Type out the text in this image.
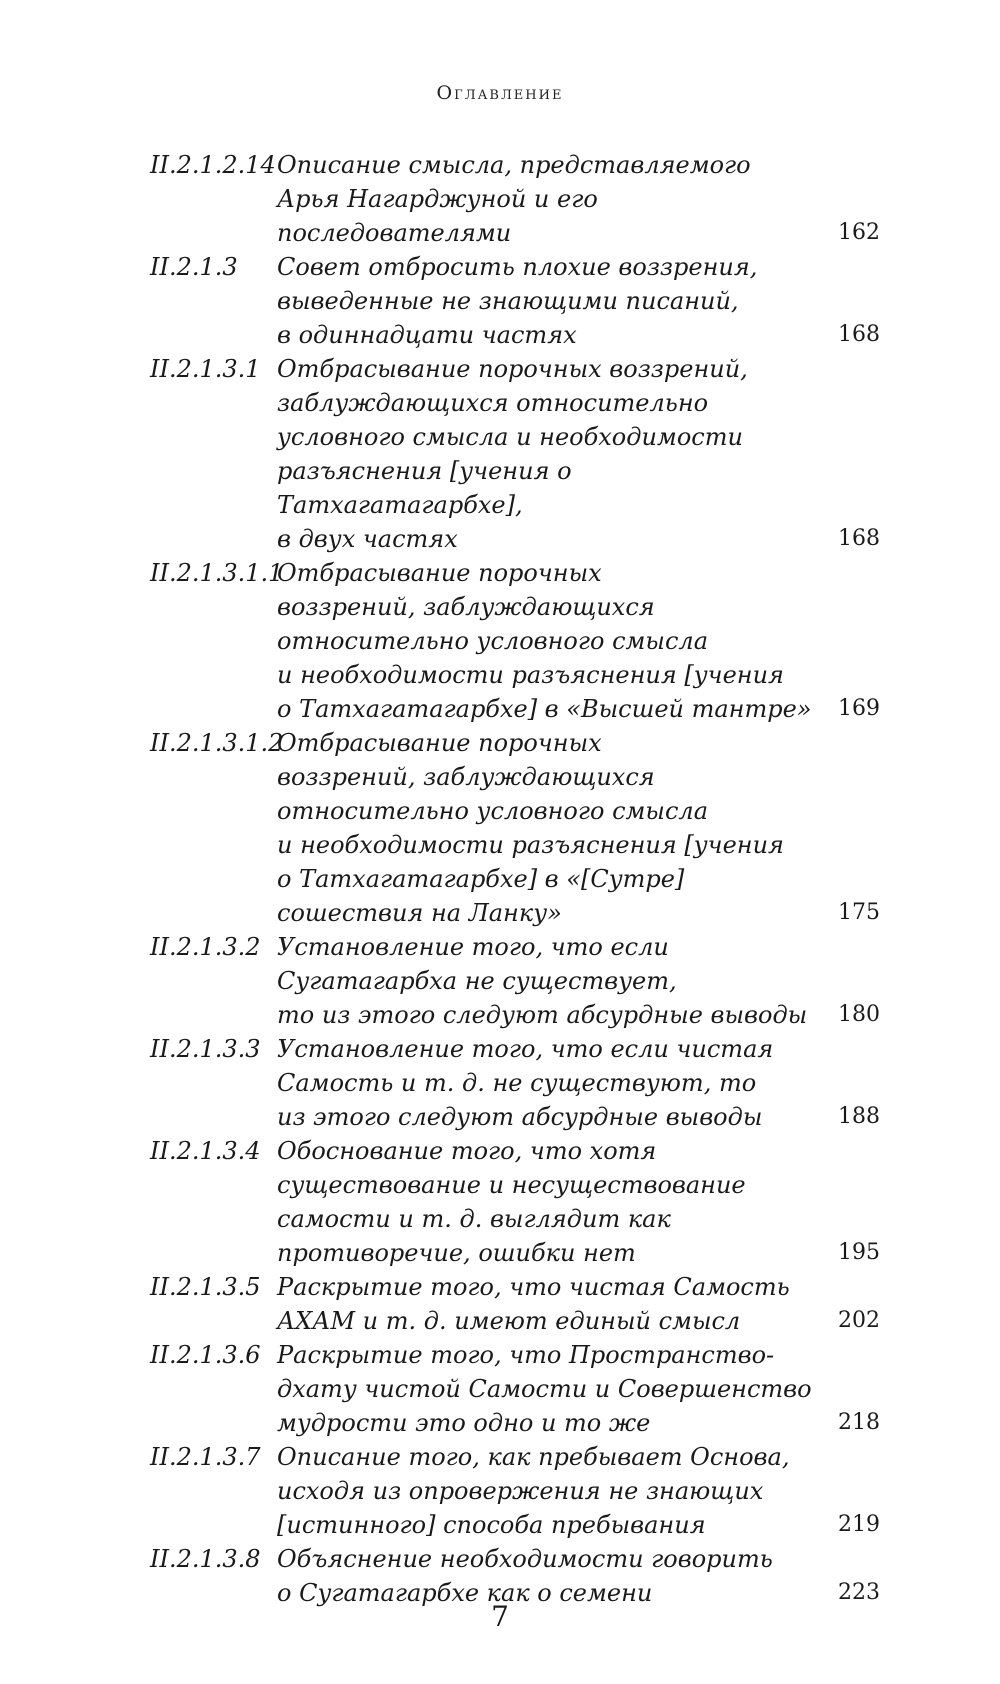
Оглавление
II.2.1.2.14 Описание смысла, представляемого
Арья Нагарджуной и его последователями	162
II.2.1.3	Совет отбросить плохие воззрения,
выведенные не знающими писаний,
в одиннадцати частях	168
II.2.1.3.1 Отбрасывание порочных воззрений,
заблуждающихся относительно
условного смысла и необходимости
разъяснения [учения о Татхагатагарбхе],
в двух частях	168
II.2.1.3.1.1
Отбрасывание порочных
воззрений, заблуждающихся
относительно условного смысла
и необходимости разъяснения [учения
о Татхагатагарбхе] в «Высшей тантре»	169
II.2.1.3.1.2
Отбрасывание порочных
воззрений, заблуждающихся
относительно условного смысла
и необходимости разъяснения [учения
о Татхагатагарбхе] в «[Сутре]
сошествия на Ланку»	175
II.2.1.3.2 Установление того, что если
Сугатагарбха не существует,
то из этого следуют абсурдные выводы	180
II.2.1.3.3 Установление того, что если чистая
Самость и т. д. не существуют, то
из этого следуют абсурдные выводы	188
II.2.1.3.4 Обоснование того, что хотя
существование и несуществование
самости и т. д. выглядит как
противоречие, ошибки нет	195
II.2.1.3.5 Раскрытие того, что чистая Самость
АХАМ и т. д. имеют единый смысл	202
II.2.1.3.6 Раскрытие того, что Пространство-
дхату чистой Самости и Совершенство
мудрости это одно и то же	218
II.2.1.3.7 Описание того, как пребывает Основа,
исходя из опровержения не знающих
[истинного] способа пребывания	219
II.2.1.3.8 Объяснение необходимости говорить
о Сугатагарбхе как о семени	223
7
